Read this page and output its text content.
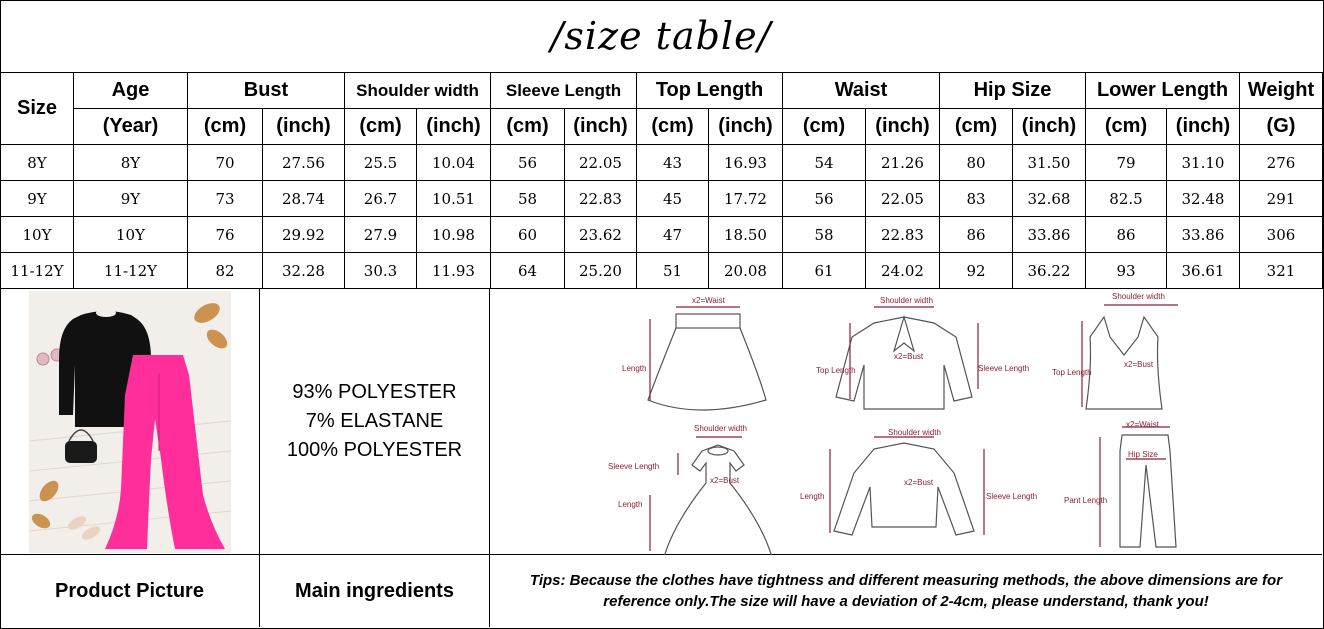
/size table/
Size	Age	Bust		Shoulder width		Sleeve Length		Top Length		Waist		Hip Size		Lower Length		Weight
	(Year)	(cm)	(inch)	(cm)	(inch)	(cm)	(inch)	(cm)	(inch)	(cm)	(inch)	(cm)	(inch)	(cm)	(inch)	(G)
8Y	8Y	70	27.56	25.5	10.04	56	22.05	43	16.93	54	21.26	80	31.50	79	31.10	276
9Y	9Y	73	28.74	26.7	10.51	58	22.83	45	17.72	56	22.05	83	32.68	82.5	32.48	291
10Y	10Y	76	29.92	27.9	10.98	60	23.62	47	18.50	58	22.83	86	33.86	86	33.86	306
11-12Y	11-12Y	82	32.28	30.3	11.93	64	25.20	51	20.08	61	24.02	92	36.22	93	36.61	321
93% POLYESTER
7% ELASTANE
100% POLYESTER
x2=Waist
Length
Shoulder width
Top Length
x2=Bust
Sleeve Length
Shoulder width
Top Length
x2=Bust
Shoulder width
Sleeve Length
x2=Bust
Length
Shoulder width
Length
x2=Bust
Sleeve Length
x2=Waist
Hip Size
Pant Length
Product Picture	Main ingredients	Tips: Because the clothes have tightness and different measuring methods, the above dimensions are for reference only.The size will have a deviation of 2-4cm, please understand, thank you!
